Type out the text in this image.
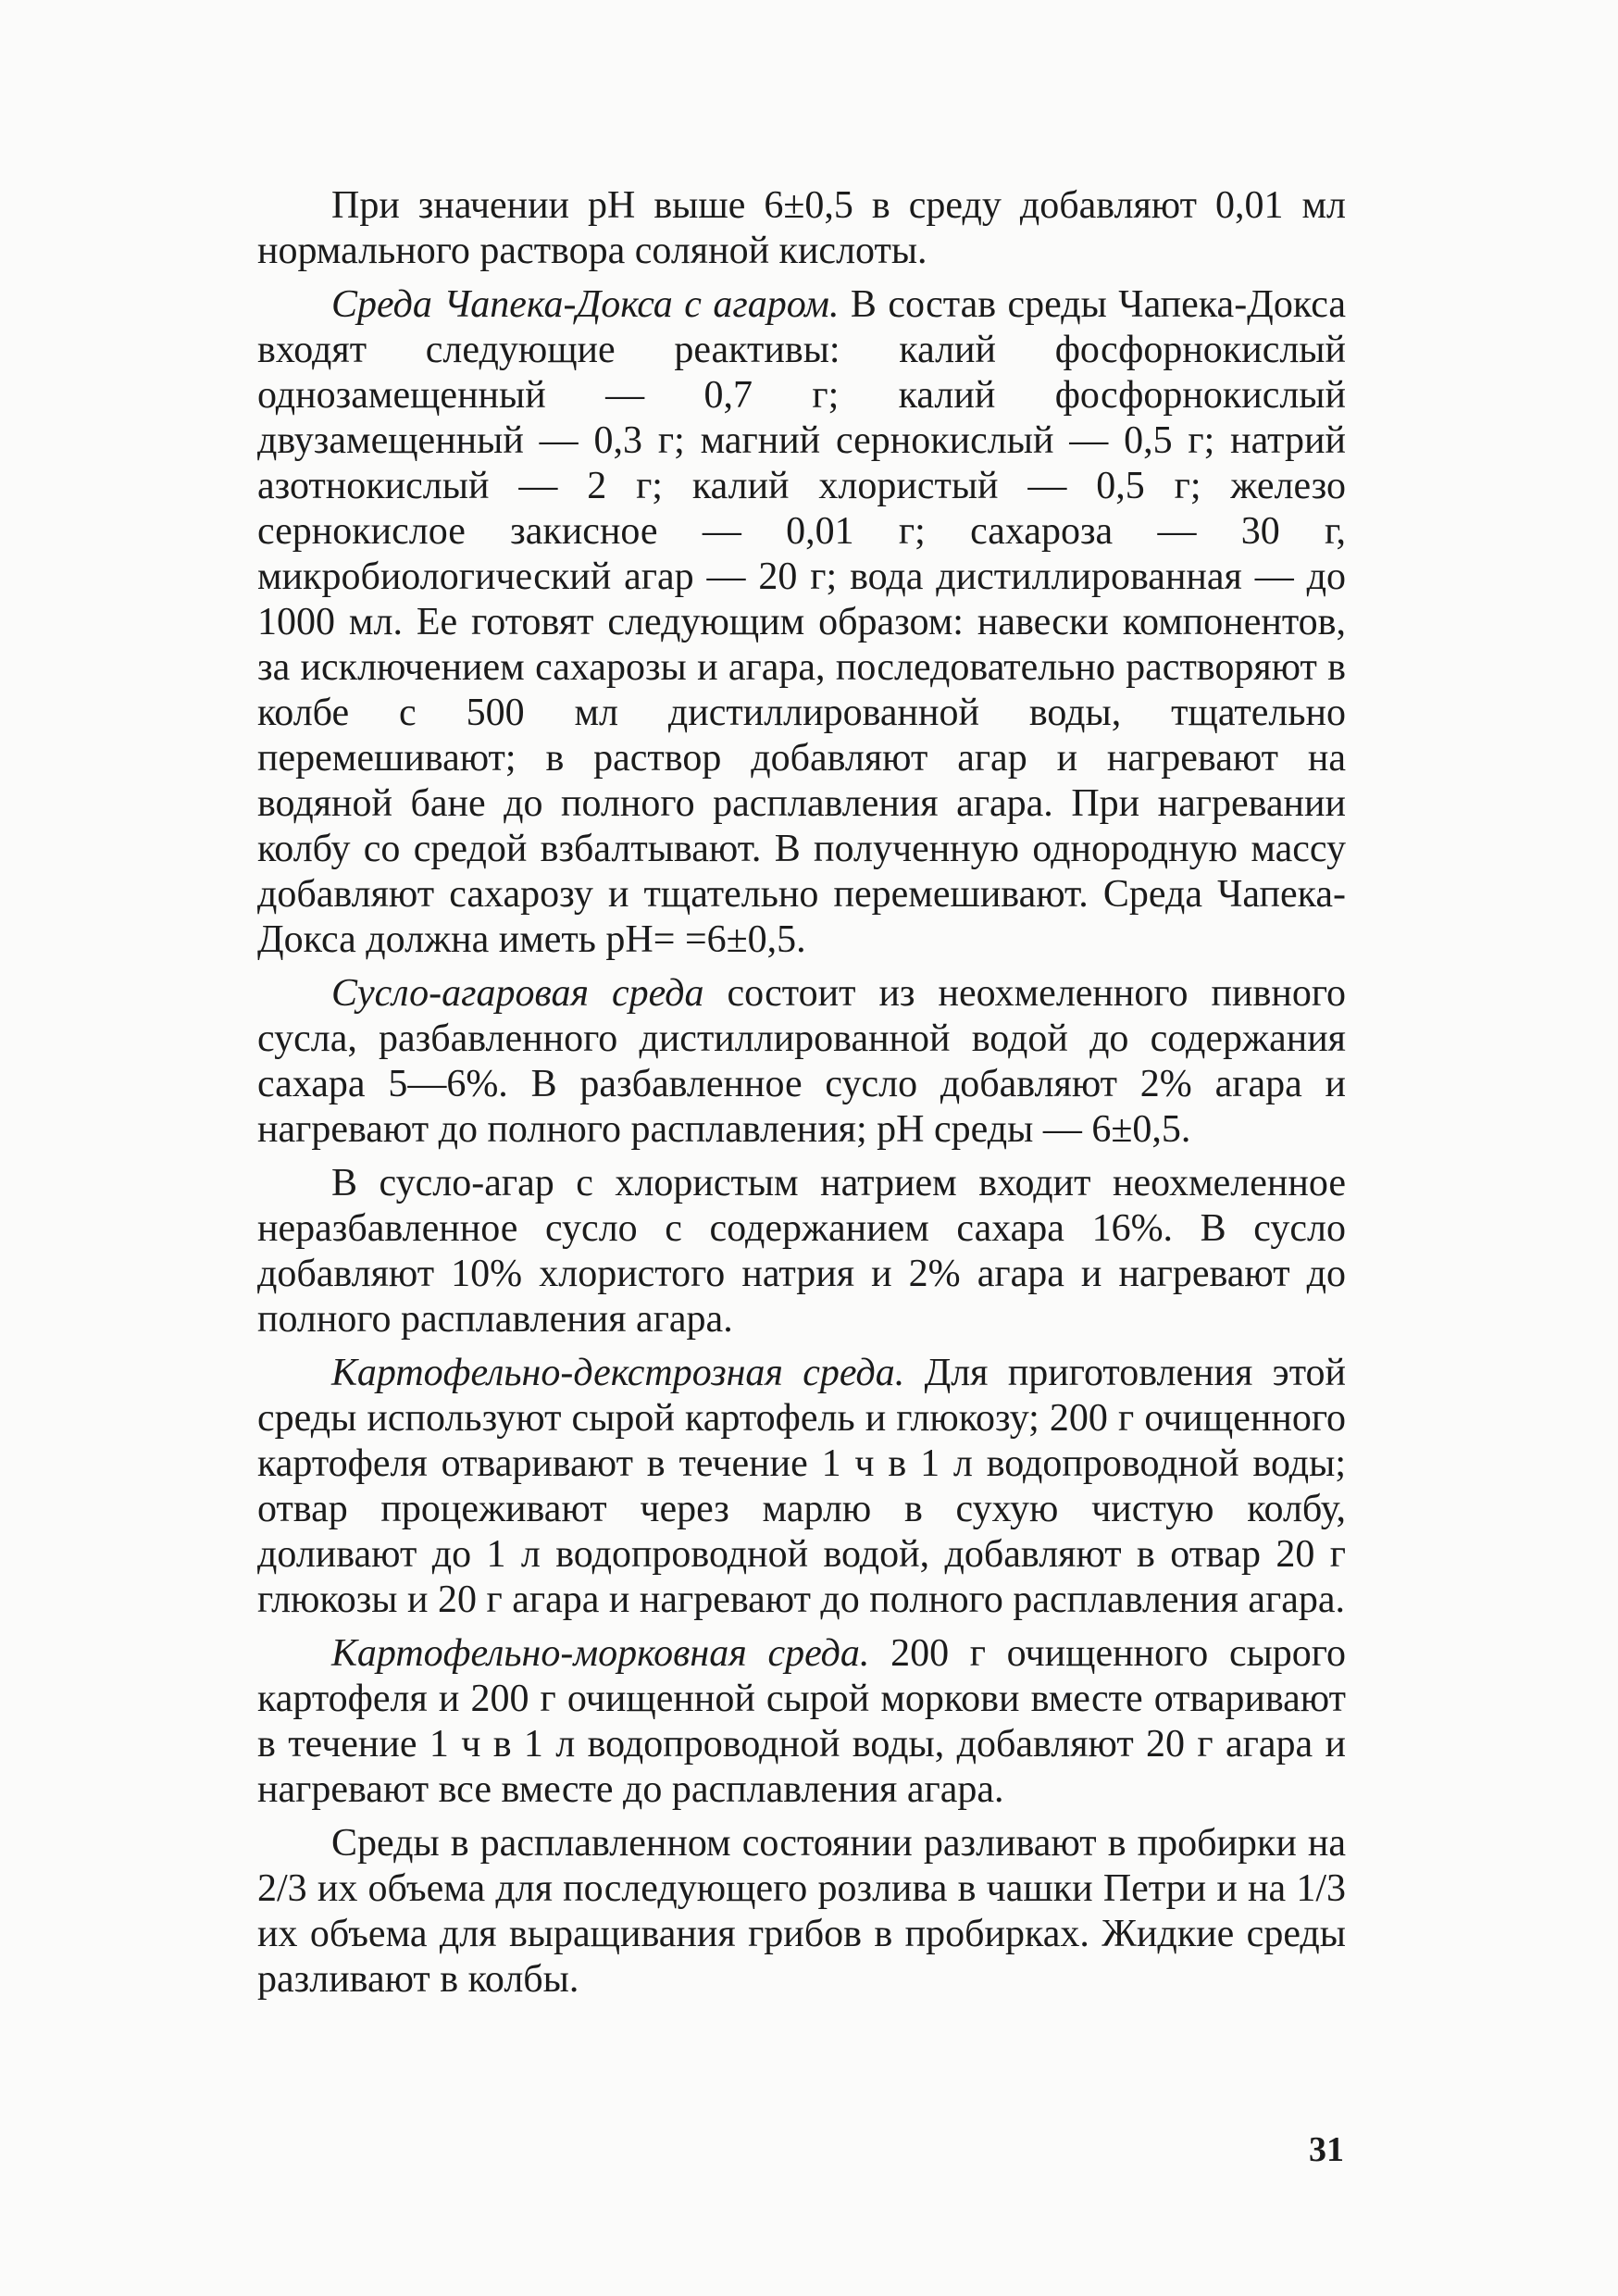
При значении pH выше 6±0,5 в среду добавляют 0,01 мл нормального раствора соляной кислоты.

Среда Чапека-Докса с агаром. В состав среды Чапека-Докса входят следующие реактивы: калий фосфорнокислый однозамещенный — 0,7 г; калий фосфорнокислый двузамещенный — 0,3 г; магний сернокислый — 0,5 г; натрий азотнокислый — 2 г; калий хлористый — 0,5 г; железо сернокислое закисное — 0,01 г; сахароза — 30 г, микробиологический агар — 20 г; вода дистиллированная — до 1000 мл. Ее готовят следующим образом: навески компонентов, за исключением сахарозы и агара, последовательно растворяют в колбе с 500 мл дистиллированной воды, тщательно перемешивают; в раствор добавляют агар и нагревают на водяной бане до полного расплавления агара. При нагревании колбу со средой взбалтывают. В полученную однородную массу добавляют сахарозу и тщательно перемешивают. Среда Чапека-Докса должна иметь pH= =6±0,5.

Сусло-агаровая среда состоит из неохмеленного пивного сусла, разбавленного дистиллированной водой до содержания сахара 5—6%. В разбавленное сусло добавляют 2% агара и нагревают до полного расплавления; pH среды — 6±0,5.

В сусло-агар с хлористым натрием входит неохмеленное неразбавленное сусло с содержанием сахара 16%. В сусло добавляют 10% хлористого натрия и 2% агара и нагревают до полного расплавления агара.

Картофельно-декстрозная среда. Для приготовления этой среды используют сырой картофель и глюкозу; 200 г очищенного картофеля отваривают в течение 1 ч в 1 л водопроводной воды; отвар процеживают через марлю в сухую чистую колбу, доливают до 1 л водопроводной водой, добавляют в отвар 20 г глюкозы и 20 г агара и нагревают до полного расплавления агара.

Картофельно-морковная среда. 200 г очищенного сырого картофеля и 200 г очищенной сырой моркови вместе отваривают в течение 1 ч в 1 л водопроводной воды, добавляют 20 г агара и нагревают все вместе до расплавления агара.

Среды в расплавленном состоянии разливают в пробирки на 2/3 их объема для последующего розлива в чашки Петри и на 1/3 их объема для выращивания грибов в пробирках. Жидкие среды разливают в колбы.

31
